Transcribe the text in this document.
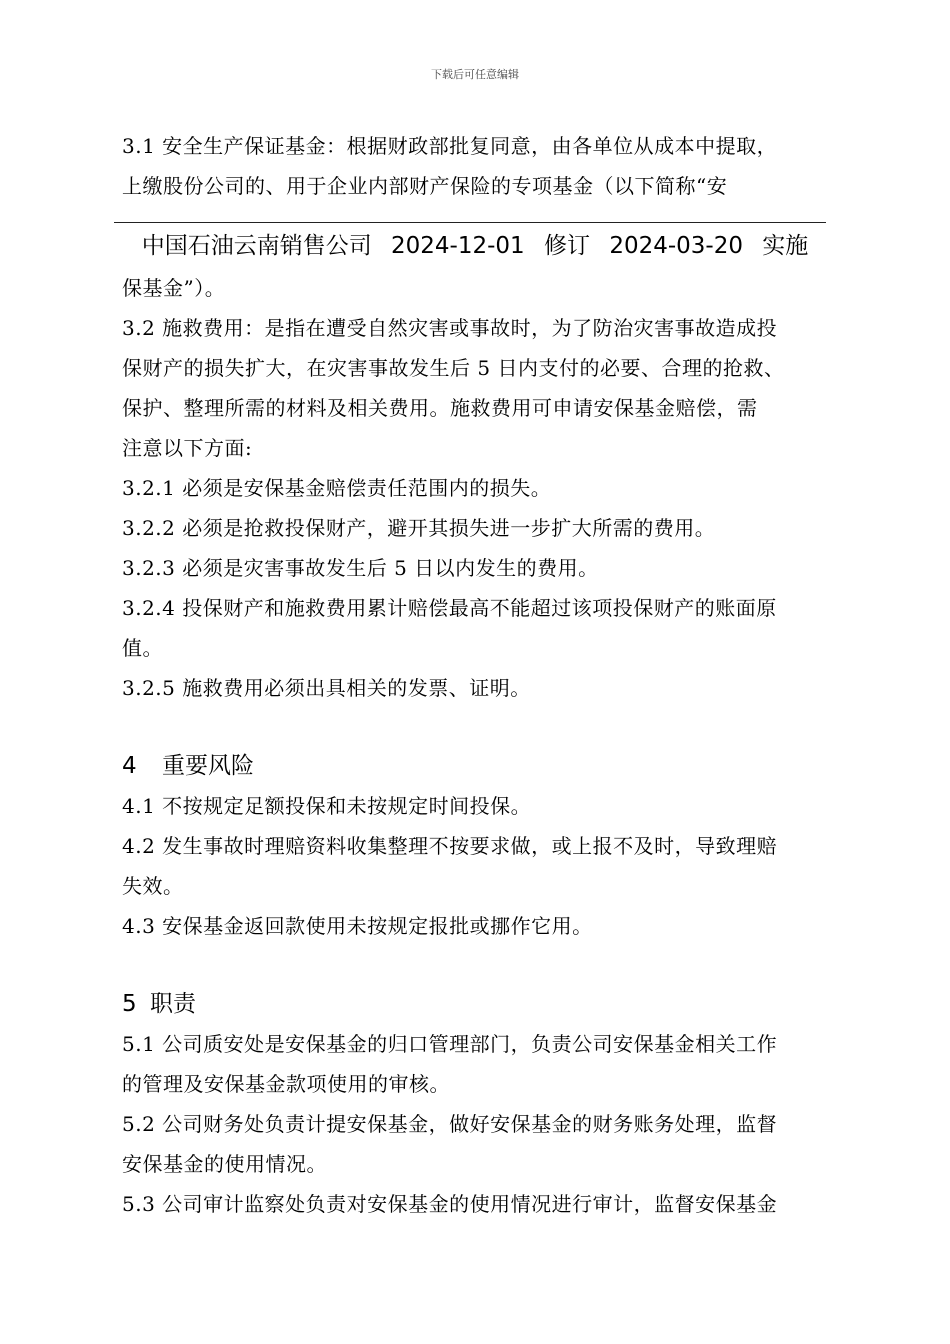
下载后可任意编辑
3.1 安全生产保证基金：根据财政部批复同意，由各单位从成本中提取，
上缴股份公司的、用于企业内部财产保险的专项基金（以下简称“安
中国石油云南销售公司 2024-12-01 修订 2024-03-20 实施
保基金”）。
3.2 施救费用：是指在遭受自然灾害或事故时，为了防治灾害事故造成投
保财产的损失扩大，在灾害事故发生后 5 日内支付的必要、合理的抢救、
保护、整理所需的材料及相关费用。施救费用可申请安保基金赔偿，需
注意以下方面:
3.2.1 必须是安保基金赔偿责任范围内的损失。
3.2.2 必须是抢救投保财产，避开其损失进一步扩大所需的费用。
3.2.3 必须是灾害事故发生后 5 日以内发生的费用。
3.2.4 投保财产和施救费用累计赔偿最高不能超过该项投保财产的账面原
值。
3.2.5 施救费用必须出具相关的发票、证明。
4 重要风险
4.1 不按规定足额投保和未按规定时间投保。
4.2 发生事故时理赔资料收集整理不按要求做，或上报不及时，导致理赔
失效。
4.3 安保基金返回款使用未按规定报批或挪作它用。
5 职责
5.1 公司质安处是安保基金的归口管理部门，负责公司安保基金相关工作
的管理及安保基金款项使用的审核。
5.2 公司财务处负责计提安保基金，做好安保基金的财务账务处理，监督
安保基金的使用情况。
5.3 公司审计监察处负责对安保基金的使用情况进行审计，监督安保基金
